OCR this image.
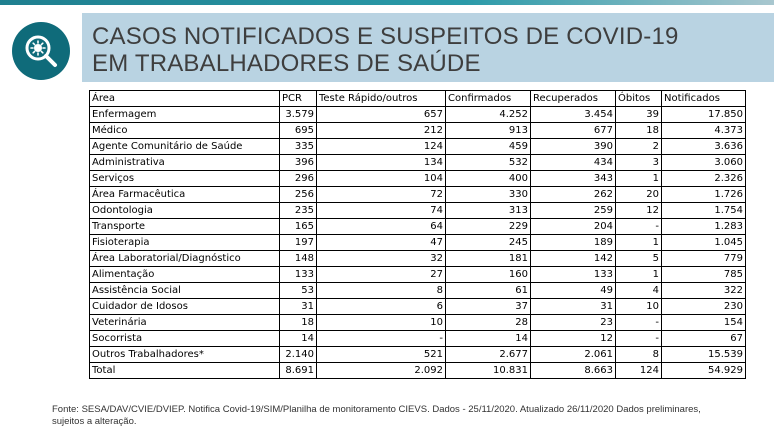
CASOS NOTIFICADOS E SUSPEITOS DE COVID-19
EM TRABALHADORES DE SAÚDE
Área	PCR	Teste Rápido/outros	Confirmados	Recuperados	Óbitos	Notificados
Enfermagem	3.579	657	4.252	3.454	39	17.850
Médico	695	212	913	677	18	4.373
Agente Comunitário de Saúde	335	124	459	390	2	3.636
Administrativa	396	134	532	434	3	3.060
Serviços	296	104	400	343	1	2.326
Área Farmacêutica	256	72	330	262	20	1.726
Odontologia	235	74	313	259	12	1.754
Transporte	165	64	229	204	-	1.283
Fisioterapia	197	47	245	189	1	1.045
Área Laboratorial/Diagnóstico	148	32	181	142	5	779
Alimentação	133	27	160	133	1	785
Assistência Social	53	8	61	49	4	322
Cuidador de Idosos	31	6	37	31	10	230
Veterinária	18	10	28	23	-	154
Socorrista	14	-	14	12	-	67
Outros Trabalhadores*	2.140	521	2.677	2.061	8	15.539
Total	8.691	2.092	10.831	8.663	124	54.929
Fonte: SESA/DAV/CVIE/DVIEP. Notifica Covid-19/SIM/Planilha de monitoramento CIEVS. Dados - 25/11/2020. Atualizado 26/11/2020 Dados preliminares,
sujeitos a alteração.
